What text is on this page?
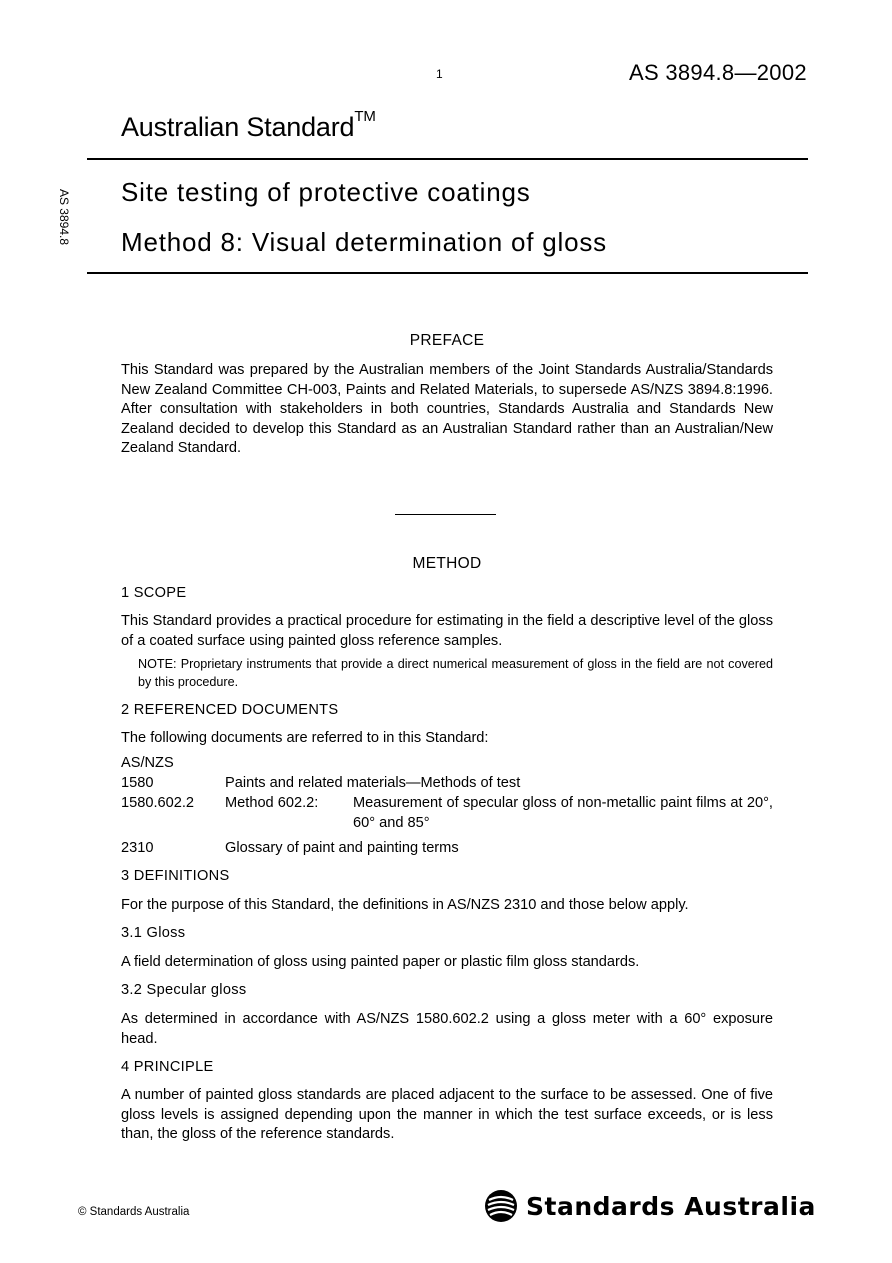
1	AS 3894.8—2002
Australian Standard™
AS 3894.8 Site testing of protective coatings
Method 8: Visual determination of gloss
PREFACE
This Standard was prepared by the Australian members of the Joint Standards Australia/Standards New Zealand Committee CH-003, Paints and Related Materials, to supersede AS/NZS 3894.8:1996. After consultation with stakeholders in both countries, Standards Australia and Standards New Zealand decided to develop this Standard as an Australian Standard rather than an Australian/New Zealand Standard.
METHOD
1 SCOPE
This Standard provides a practical procedure for estimating in the field a descriptive level of the gloss of a coated surface using painted gloss reference samples.
NOTE: Proprietary instruments that provide a direct numerical measurement of gloss in the field are not covered by this procedure.
2 REFERENCED DOCUMENTS
The following documents are referred to in this Standard:
AS/NZS
1580	Paints and related materials—Methods of test
1580.602.2 Method 602.2: Measurement of specular gloss of non-metallic paint films at 20°, 60° and 85°
2310	Glossary of paint and painting terms
3 DEFINITIONS
For the purpose of this Standard, the definitions in AS/NZS 2310 and those below apply.
3.1 Gloss
A field determination of gloss using painted paper or plastic film gloss standards.
3.2 Specular gloss
As determined in accordance with AS/NZS 1580.602.2 using a gloss meter with a 60° exposure head.
4 PRINCIPLE
A number of painted gloss standards are placed adjacent to the surface to be assessed. One of five gloss levels is assigned depending upon the manner in which the test surface exceeds, or is less than, the gloss of the reference standards.
© Standards Australia	Standards Australia
